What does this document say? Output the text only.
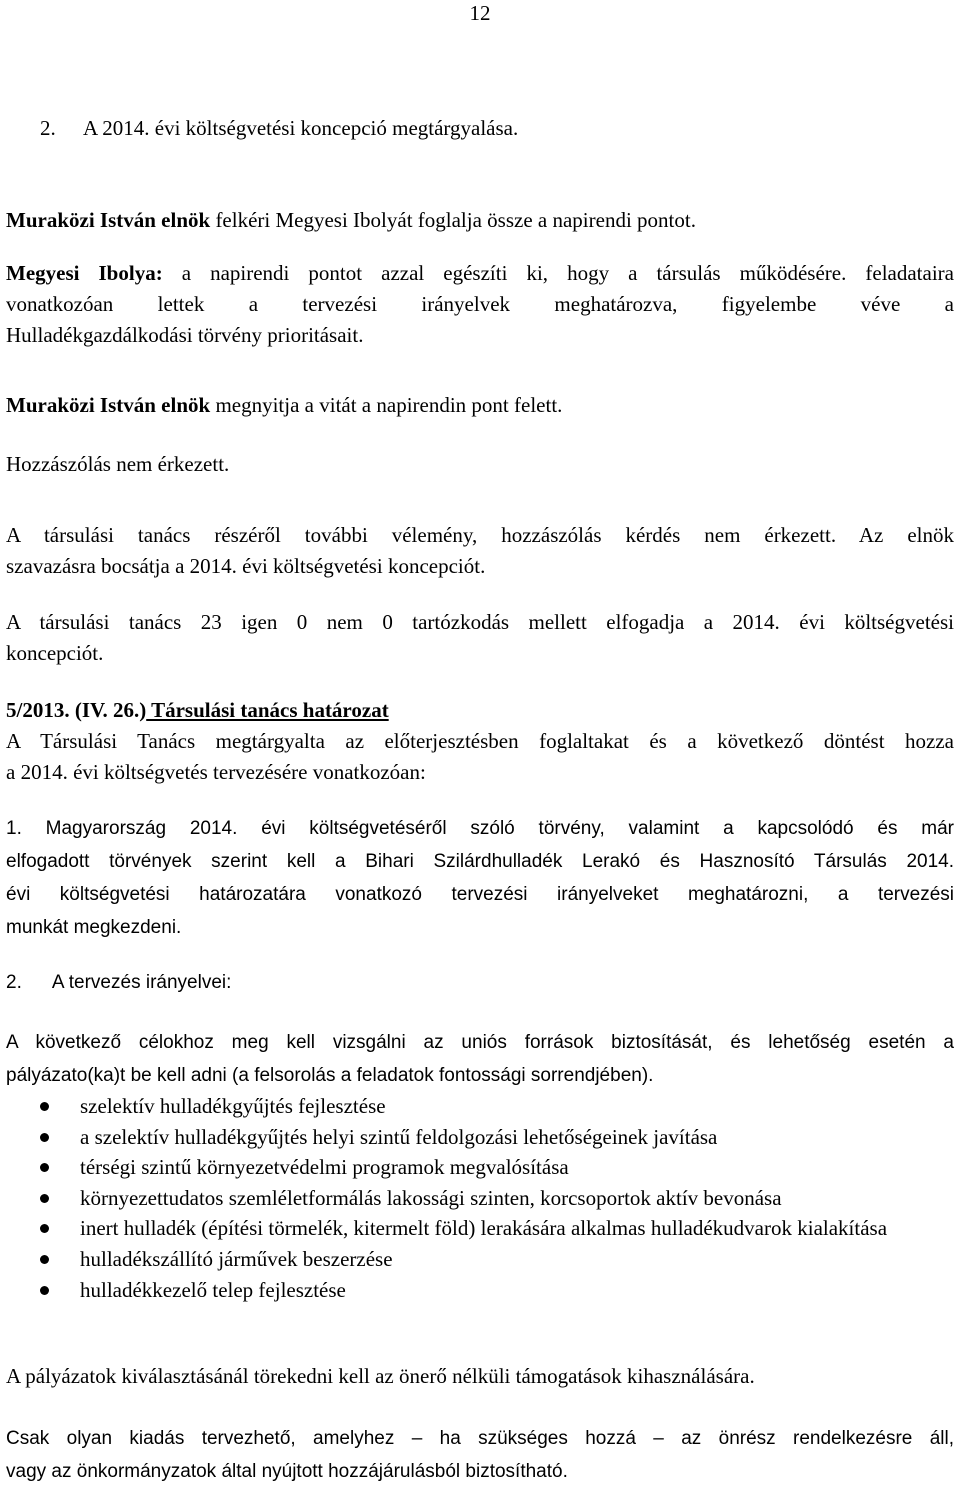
12

2. A 2014. évi költségvetési koncepció megtárgyalása.

Muraközi István elnök felkéri Megyesi Ibolyát foglalja össze a napirendi pontot.

Megyesi Ibolya: a napirendi pontot azzal egészíti ki, hogy a társulás működésére. feladataira
vonatkozóan lettek a tervezési irányelvek meghatározva, figyelembe véve a
Hulladékgazdálkodási törvény prioritásait.

Muraközi István elnök megnyitja a vitát a napirendin pont felett.

Hozzászólás nem érkezett.

A társulási tanács részéről további vélemény, hozzászólás kérdés nem érkezett. Az elnök
szavazásra bocsátja a 2014. évi költségvetési koncepciót.
A társulási tanács 23 igen 0 nem 0 tartózkodás mellett elfogadja a 2014. évi költségvetési
koncepciót.
5/2013. (IV. 26.) Társulási tanács határozat
A Társulási Tanács megtárgyalta az előterjesztésben foglaltakat és a következő döntést hozza
a 2014. évi költségvetés tervezésére vonatkozóan:
1. Magyarország 2014. évi költségvetéséről szóló törvény, valamint a kapcsolódó és már
elfogadott törvények szerint kell a Bihari Szilárdhulladék Lerakó és Hasznosító Társulás 2014.
évi költségvetési határozatára vonatkozó tervezési irányelveket meghatározni, a tervezési
munkát megkezdeni.

2. A tervezés irányelvei:

A következő célokhoz meg kell vizsgálni az uniós források biztosítását, és lehetőség esetén a
pályázato(ka)t be kell adni (a felsorolás a feladatok fontossági sorrendjében).
szelektív hulladékgyűjtés fejlesztése
a szelektív hulladékgyűjtés helyi szintű feldolgozási lehetőségeinek javítása
térségi szintű környezetvédelmi programok megvalósítása
környezettudatos szemléletformálás lakossági szinten, korcsoportok aktív bevonása
inert hulladék (építési törmelék, kitermelt föld) lerakására alkalmas hulladékudvarok kialakítása
hulladékszállító járművek beszerzése
hulladékkezelő telep fejlesztése

A pályázatok kiválasztásánál törekedni kell az önerő nélküli támogatások kihasználására.

Csak olyan kiadás tervezhető, amelyhez – ha szükséges hozzá – az önrész rendelkezésre áll,
vagy az önkormányzatok által nyújtott hozzájárulásból biztosítható.
